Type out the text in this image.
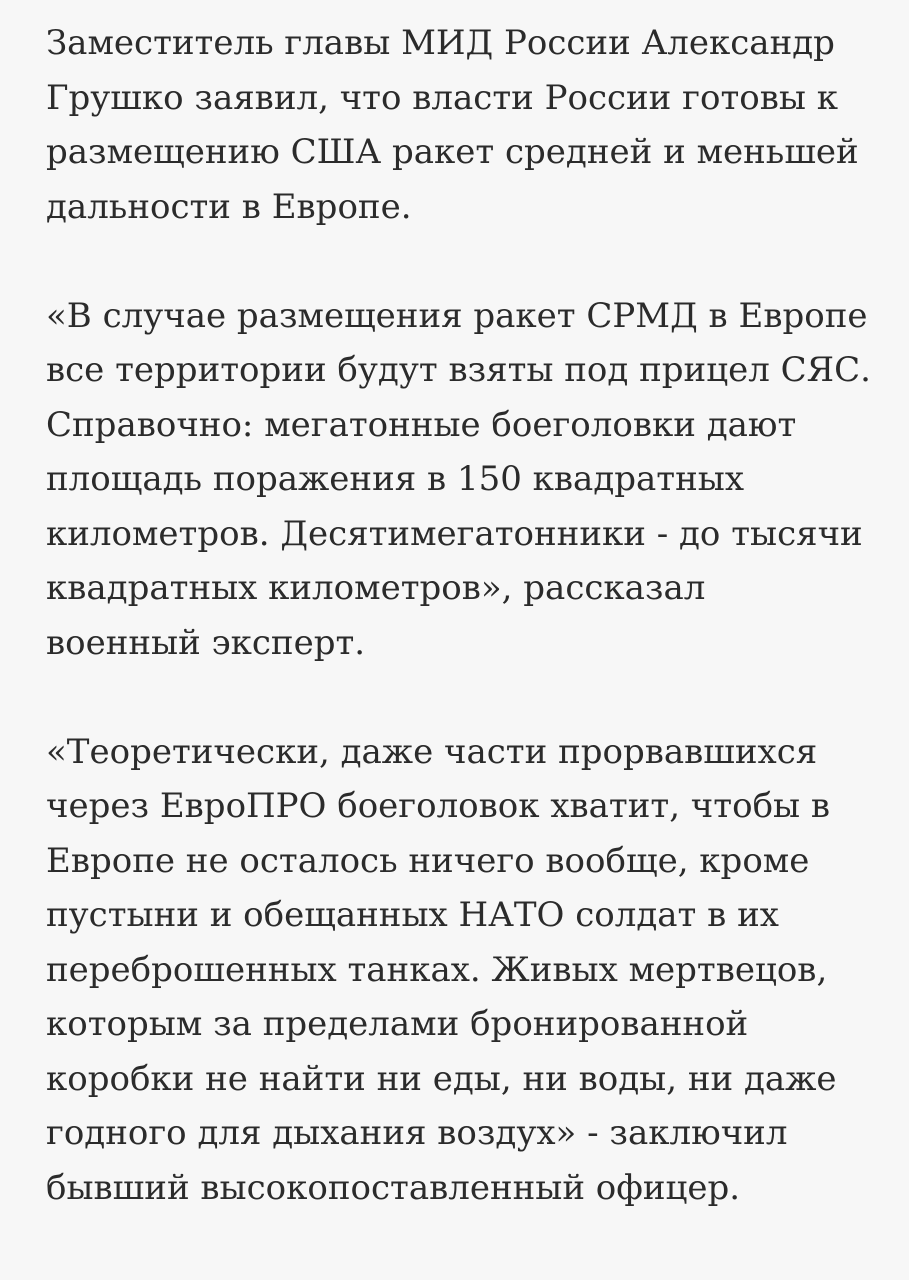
Заместитель главы МИД России Александр
Грушко заявил, что власти России готовы к
размещению США ракет средней и меньшей
дальности в Европе.

«В случае размещения ракет СРМД в Европе
все территории будут взяты под прицел СЯС.
Справочно: мегатонные боеголовки дают
площадь поражения в 150 квадратных
километров. Десятимегатонники - до тысячи
квадратных километров», рассказал
военный эксперт.

«Теоретически, даже части прорвавшихся
через ЕвроПРО боеголовок хватит, чтобы в
Европе не осталось ничего вообще, кроме
пустыни и обещанных НАТО солдат в их
переброшенных танках. Живых мертвецов,
которым за пределами бронированной
коробки не найти ни еды, ни воды, ни даже
годного для дыхания воздух» - заключил
бывший высокопоставленный офицер.
